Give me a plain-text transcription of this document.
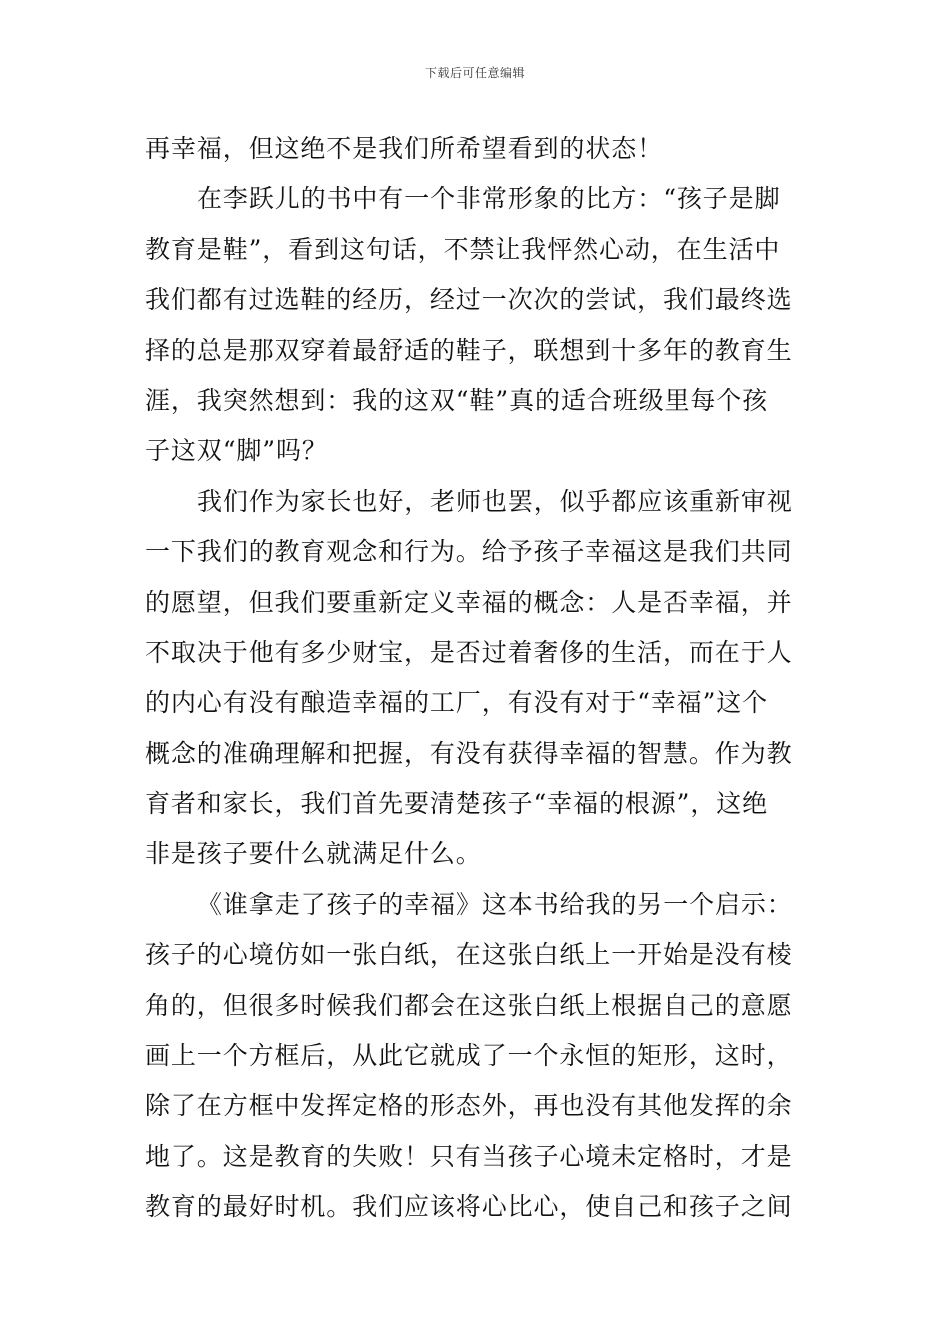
下载后可任意编辑
再幸福，但这绝不是我们所希望看到的状态！
在李跃儿的书中有一个非常形象的比方：“孩子是脚
教育是鞋”，看到这句话，不禁让我怦然心动，在生活中
我们都有过选鞋的经历，经过一次次的尝试，我们最终选
择的总是那双穿着最舒适的鞋子，联想到十多年的教育生
涯，我突然想到：我的这双“鞋”真的适合班级里每个孩
子这双“脚”吗？
我们作为家长也好，老师也罢，似乎都应该重新审视
一下我们的教育观念和行为。给予孩子幸福这是我们共同
的愿望，但我们要重新定义幸福的概念：人是否幸福，并
不取决于他有多少财宝，是否过着奢侈的生活，而在于人
的内心有没有酿造幸福的工厂，有没有对于“幸福”这个
概念的准确理解和把握，有没有获得幸福的智慧。作为教
育者和家长，我们首先要清楚孩子“幸福的根源”，这绝
非是孩子要什么就满足什么。
《谁拿走了孩子的幸福》这本书给我的另一个启示：
孩子的心境仿如一张白纸，在这张白纸上一开始是没有棱
角的，但很多时候我们都会在这张白纸上根据自己的意愿
画上一个方框后，从此它就成了一个永恒的矩形，这时，
除了在方框中发挥定格的形态外，再也没有其他发挥的余
地了。这是教育的失败！只有当孩子心境未定格时，才是
教育的最好时机。我们应该将心比心，使自己和孩子之间
